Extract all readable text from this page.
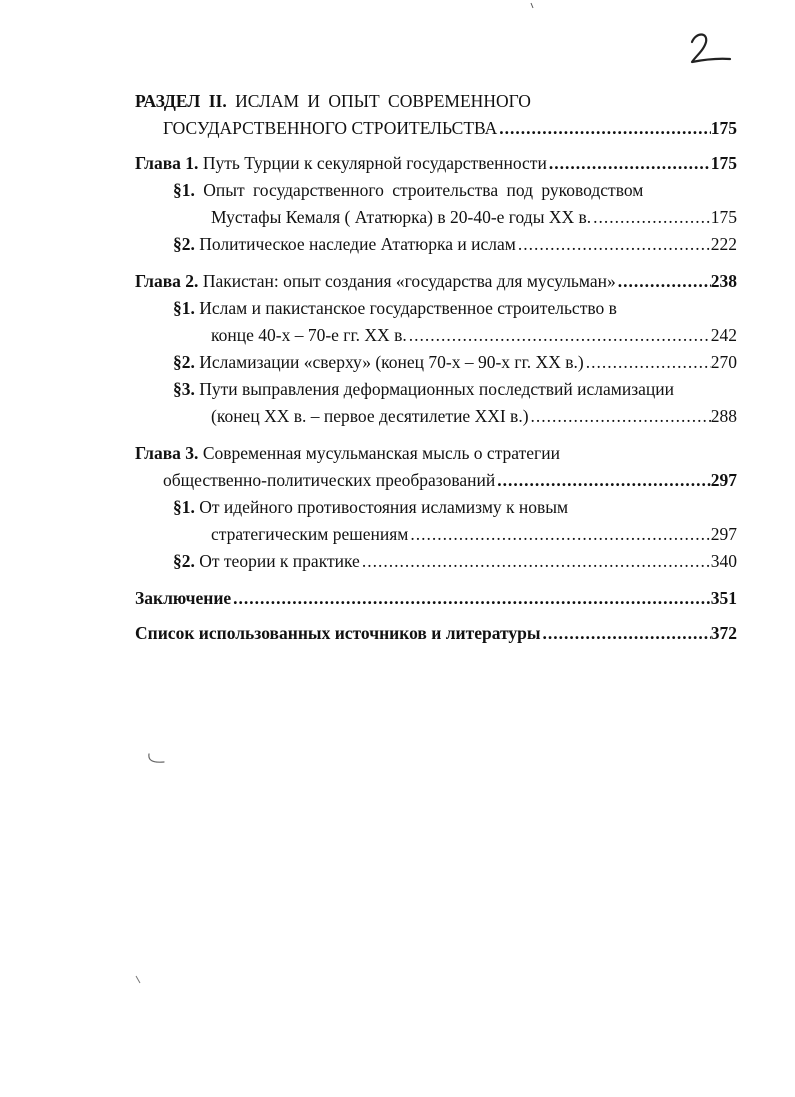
РАЗДЕЛ II. ИСЛАМ И ОПЫТ СОВРЕМЕННОГО
ГОСУДАРСТВЕННОГО СТРОИТЕЛЬСТВА .....	175
Глава 1. Путь Турции к секулярной государственности .....	175
§1. Опыт государственного строительства под руководством
Мустафы Кемаля ( Ататюрка) в 20-40-е годы XX в. .....	175
§2. Политическое наследие Ататюрка и ислам .....	222
Глава 2. Пакистан: опыт создания «государства для мусульман» .....	238
§1. Ислам и пакистанское государственное строительство в
конце 40-х – 70-е гг. XX в. .....	242
§2. Исламизации «сверху» (конец 70-х – 90-х гг. XX в.) .....	270
§3. Пути выправления деформационных последствий исламизации
(конец XX в. – первое десятилетие XXI в.) .....	288
Глава 3. Современная мусульманская мысль о стратегии
общественно-политических преобразований .....	297
§1. От идейного противостояния исламизму к новым
стратегическим решениям .....	297
§2. От теории к практике .....	340
Заключение .....	351
Список использованных источников и литературы .....	372
